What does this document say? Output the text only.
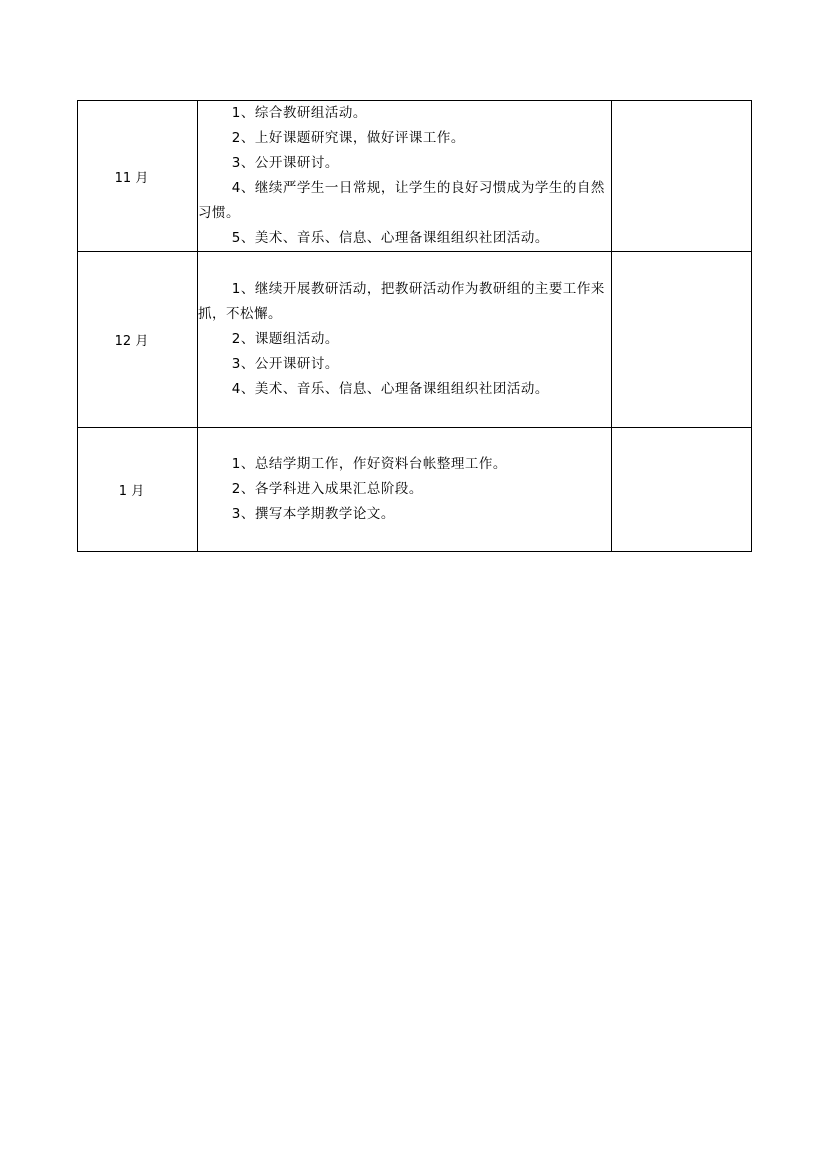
11 月	1、综合教研组活动。
2、上好课题研究课，做好评课工作。
3、公开课研讨。
4、继续严学生一日常规，让学生的良好习惯成为学生的自然习惯。
5、美术、音乐、信息、心理备课组组织社团活动。	

12 月	1、继续开展教研活动，把教研活动作为教研组的主要工作来抓，不松懈。
2、课题组活动。
3、公开课研讨。
4、美术、音乐、信息、心理备课组组织社团活动。	

1 月	1、总结学期工作，作好资料台帐整理工作。
2、各学科进入成果汇总阶段。
3、撰写本学期教学论文。	
